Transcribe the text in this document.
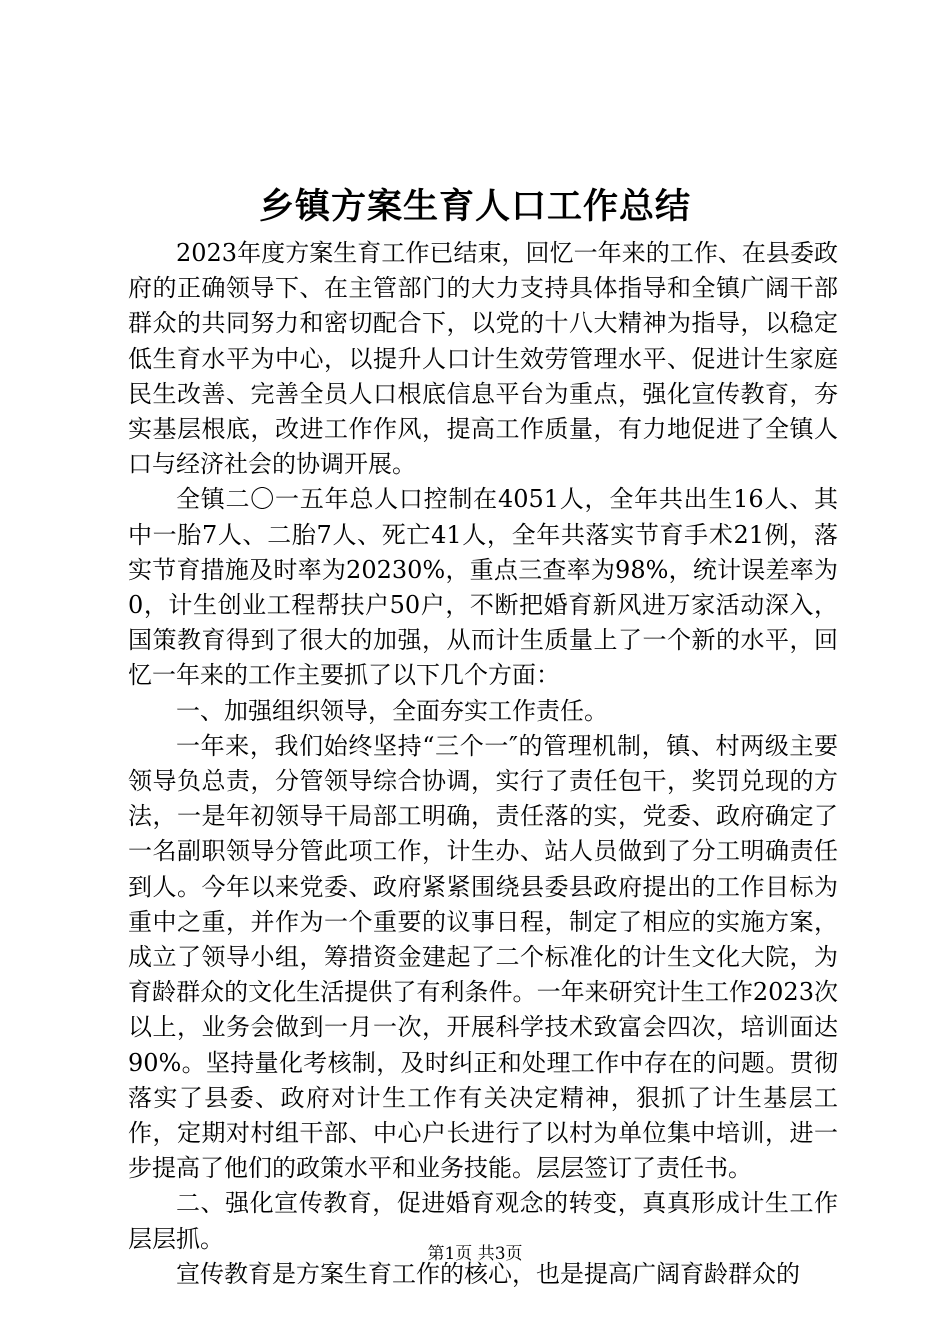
乡镇方案生育人口工作总结

2023年度方案生育工作已结束，回忆一年来的工作、在县委政府的正确领导下、在主管部门的大力支持具体指导和全镇广阔干部群众的共同努力和密切配合下，以党的十八大精神为指导，以稳定低生育水平为中心，以提升人口计生效劳管理水平、促进计生家庭民生改善、完善全员人口根底信息平台为重点，强化宣传教育，夯实基层根底，改进工作作风，提高工作质量，有力地促进了全镇人口与经济社会的协调开展。

全镇二〇一五年总人口控制在4051人，全年共出生16人、其中一胎7人、二胎7人、死亡41人，全年共落实节育手术21例，落实节育措施及时率为20230%，重点三查率为98%，统计误差率为0，计生创业工程帮扶户50户，不断把婚育新风进万家活动深入，国策教育得到了很大的加强，从而计生质量上了一个新的水平，回忆一年来的工作主要抓了以下几个方面：

一、加强组织领导，全面夯实工作责任。

一年来，我们始终坚持“三个一″的管理机制，镇、村两级主要领导负总责，分管领导综合协调，实行了责任包干，奖罚兑现的方法，一是年初领导干局部工明确，责任落的实，党委、政府确定了一名副职领导分管此项工作，计生办、站人员做到了分工明确责任到人。今年以来党委、政府紧紧围绕县委县政府提出的工作目标为重中之重，并作为一个重要的议事日程，制定了相应的实施方案，成立了领导小组，筹措资金建起了二个标准化的计生文化大院，为育龄群众的文化生活提供了有利条件。一年来研究计生工作2023次以上，业务会做到一月一次，开展科学技术致富会四次，培训面达90%。坚持量化考核制，及时纠正和处理工作中存在的问题。贯彻落实了县委、政府对计生工作有关决定精神，狠抓了计生基层工作，定期对村组干部、中心户长进行了以村为单位集中培训，进一步提高了他们的政策水平和业务技能。层层签订了责任书。

二、强化宣传教育，促进婚育观念的转变，真真形成计生工作层层抓。

宣传教育是方案生育工作的核心，也是提高广阔育龄群众的

第1页 共3页
